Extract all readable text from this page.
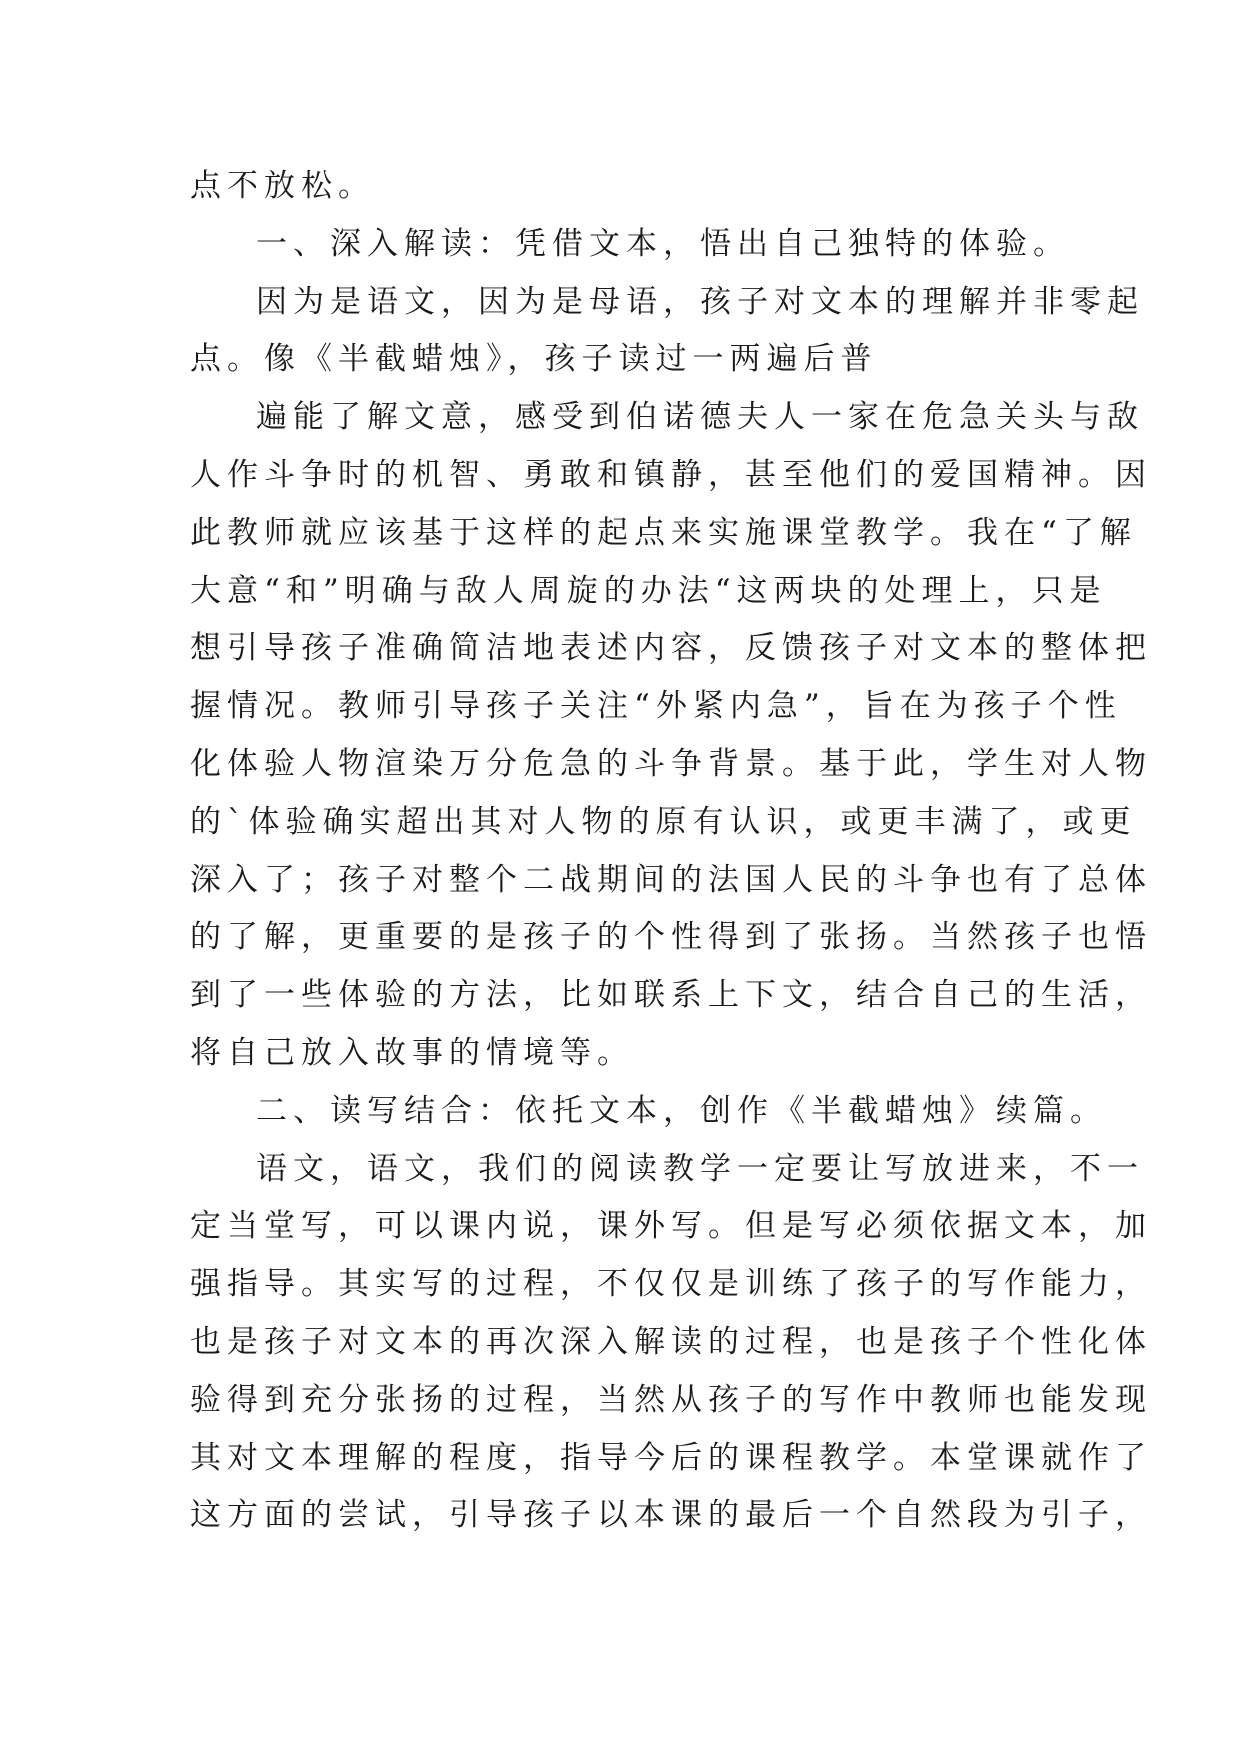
点不放松。
一、深入解读：凭借文本，悟出自己独特的体验。
因为是语文，因为是母语，孩子对文本的理解并非零起
点。像《半截蜡烛》，孩子读过一两遍后普
遍能了解文意，感受到伯诺德夫人一家在危急关头与敌
人作斗争时的机智、勇敢和镇静，甚至他们的爱国精神。因
此教师就应该基于这样的起点来实施课堂教学。我在“了解
大意“和”明确与敌人周旋的办法“这两块的处理上，只是
想引导孩子准确简洁地表述内容，反馈孩子对文本的整体把
握情况。教师引导孩子关注“外紧内急”，旨在为孩子个性
化体验人物渲染万分危急的斗争背景。基于此，学生对人物
的`体验确实超出其对人物的原有认识，或更丰满了，或更
深入了；孩子对整个二战期间的法国人民的斗争也有了总体
的了解，更重要的是孩子的个性得到了张扬。当然孩子也悟
到了一些体验的方法，比如联系上下文，结合自己的生活，
将自己放入故事的情境等。
二、读写结合：依托文本，创作《半截蜡烛》续篇。
语文，语文，我们的阅读教学一定要让写放进来，不一
定当堂写，可以课内说，课外写。但是写必须依据文本，加
强指导。其实写的过程，不仅仅是训练了孩子的写作能力，
也是孩子对文本的再次深入解读的过程，也是孩子个性化体
验得到充分张扬的过程，当然从孩子的写作中教师也能发现
其对文本理解的程度，指导今后的课程教学。本堂课就作了
这方面的尝试，引导孩子以本课的最后一个自然段为引子，
